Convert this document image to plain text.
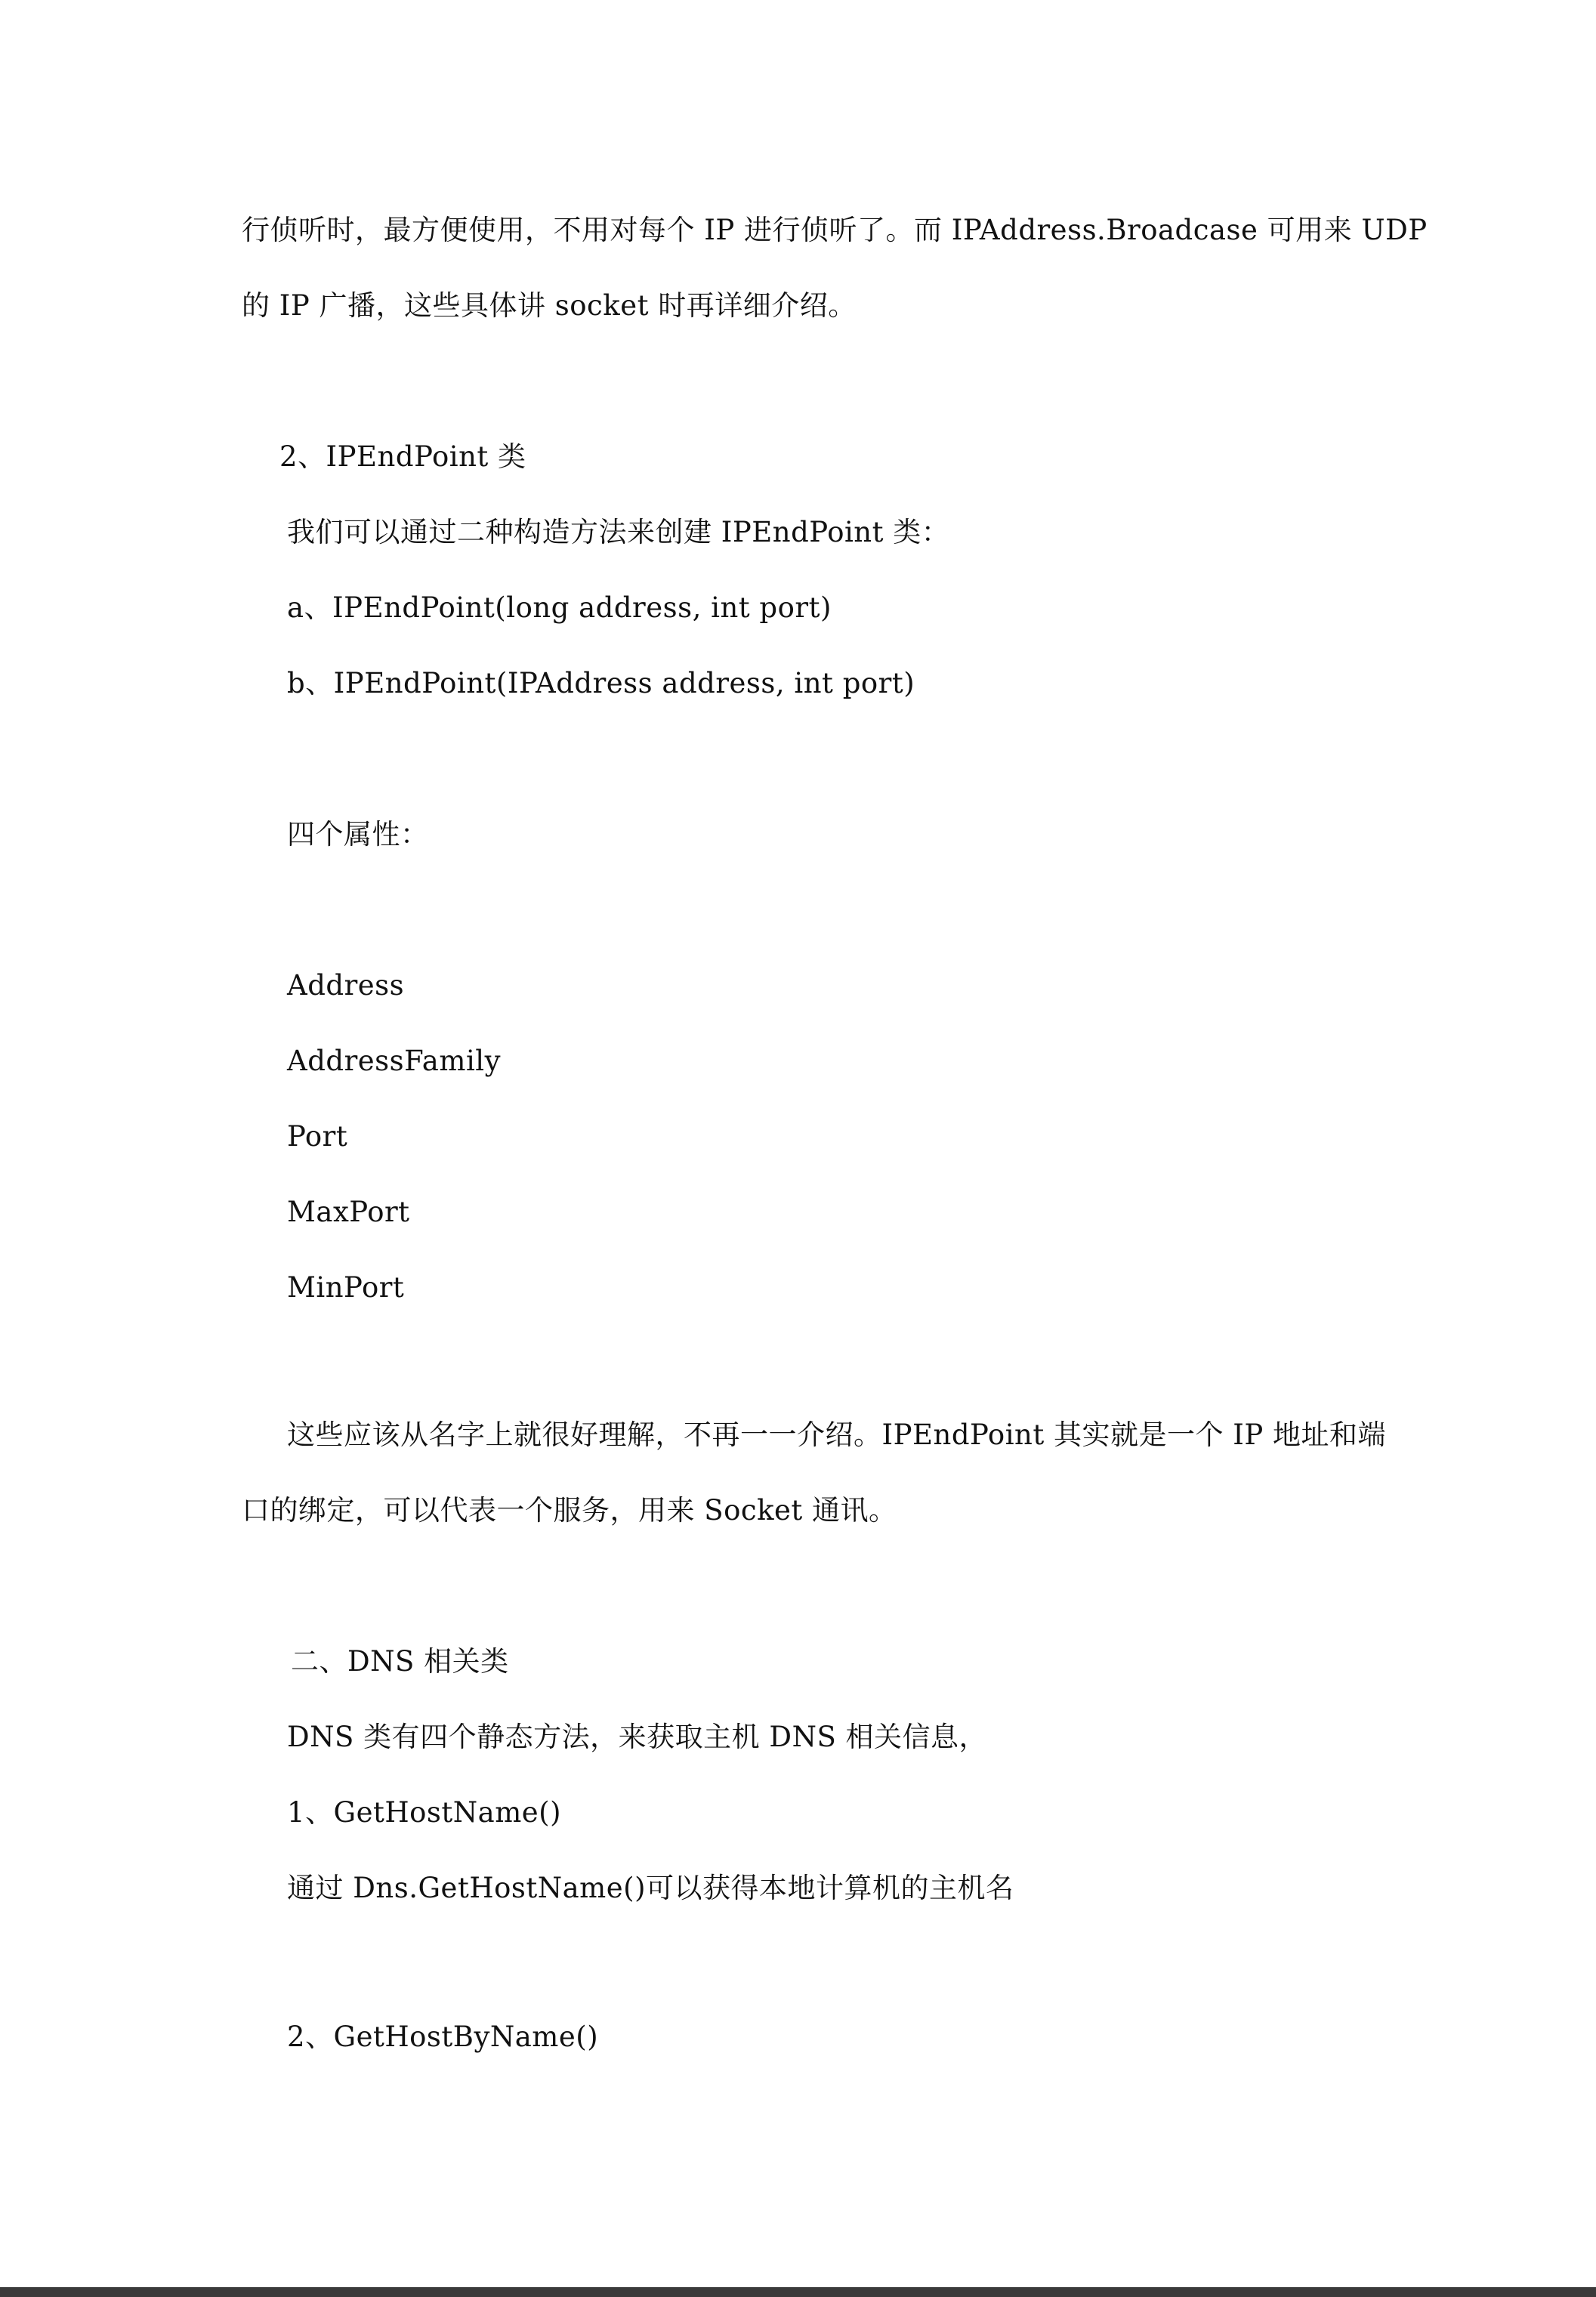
行侦听时，最方便使用，不用对每个 IP 进行侦听了。而 IPAddress.Broadcase 可用来 UDP
的 IP 广播，这些具体讲 socket 时再详细介绍。
2、IPEndPoint 类
我们可以通过二种构造方法来创建 IPEndPoint 类：
a、IPEndPoint(long address, int port)
b、IPEndPoint(IPAddress address, int port)
四个属性：
Address
AddressFamily
Port
MaxPort
MinPort
这些应该从名字上就很好理解，不再一一介绍。IPEndPoint 其实就是一个 IP 地址和端
口的绑定，可以代表一个服务，用来 Socket 通讯。
二、DNS 相关类
DNS 类有四个静态方法，来获取主机 DNS 相关信息，
1、GetHostName()
通过 Dns.GetHostName()可以获得本地计算机的主机名
2、GetHostByName()
